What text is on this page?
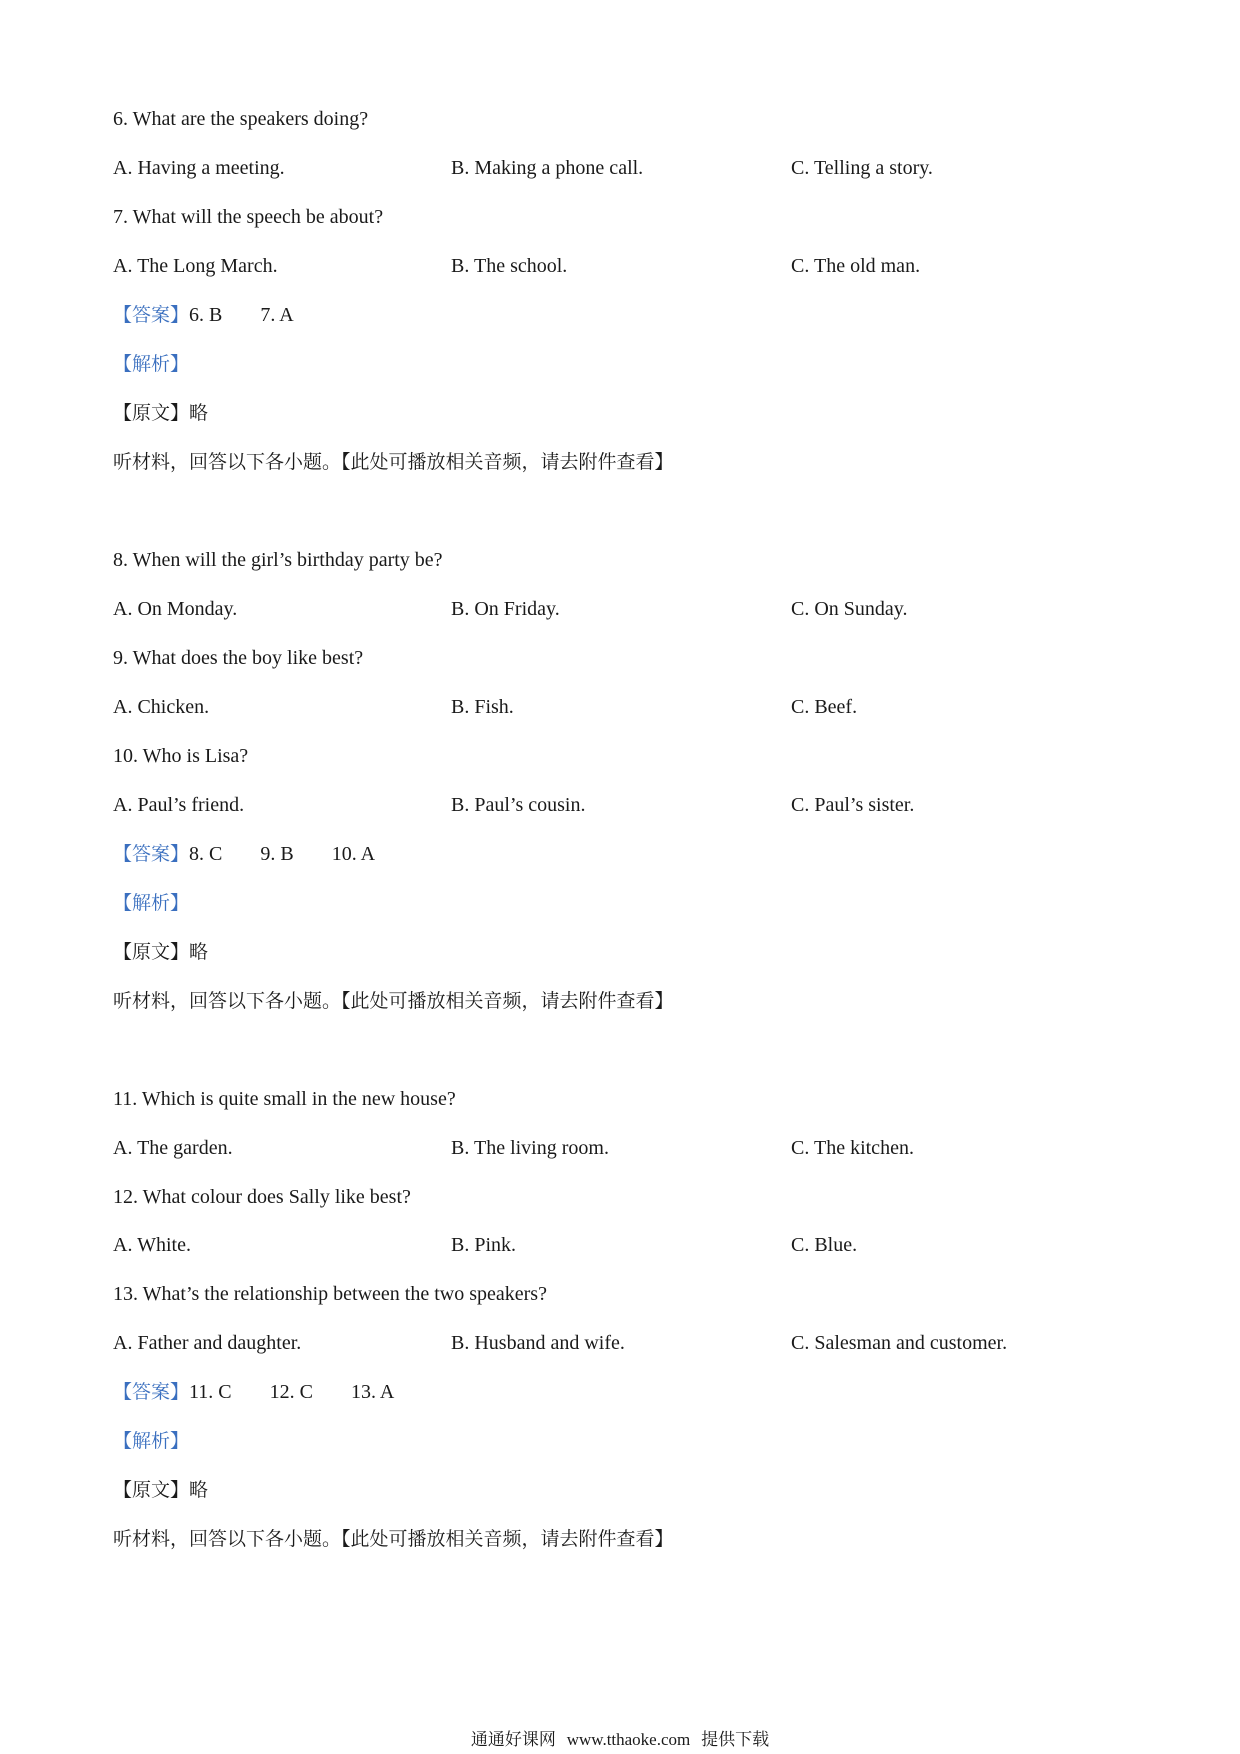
6. What are the speakers doing?
A. Having a meeting.	B. Making a phone call.	C. Telling a story.
7. What will the speech be about?
A. The Long March.	B. The school.	C. The old man.
【答案】6. B 7. A
【解析】
【原文】略
听材料，回答以下各小题。【此处可播放相关音频，请去附件查看】
8. When will the girl’s birthday party be?
A. On Monday.	B. On Friday.	C. On Sunday.
9. What does the boy like best?
A. Chicken.	B. Fish.	C. Beef.
10. Who is Lisa?
A. Paul’s friend.	B. Paul’s cousin.	C. Paul’s sister.
【答案】8. C 9. B 10. A
【解析】
【原文】略
听材料，回答以下各小题。【此处可播放相关音频，请去附件查看】
11. Which is quite small in the new house?
A. The garden.	B. The living room.	C. The kitchen.
12. What colour does Sally like best?
A. White.	B. Pink.	C. Blue.
13. What’s the relationship between the two speakers?
A. Father and daughter.	B. Husband and wife.	C. Salesman and customer.
【答案】11. C 12. C 13. A
【解析】
【原文】略
听材料，回答以下各小题。【此处可播放相关音频，请去附件查看】
通通好课网 www.tthaoke.com 提供下载
